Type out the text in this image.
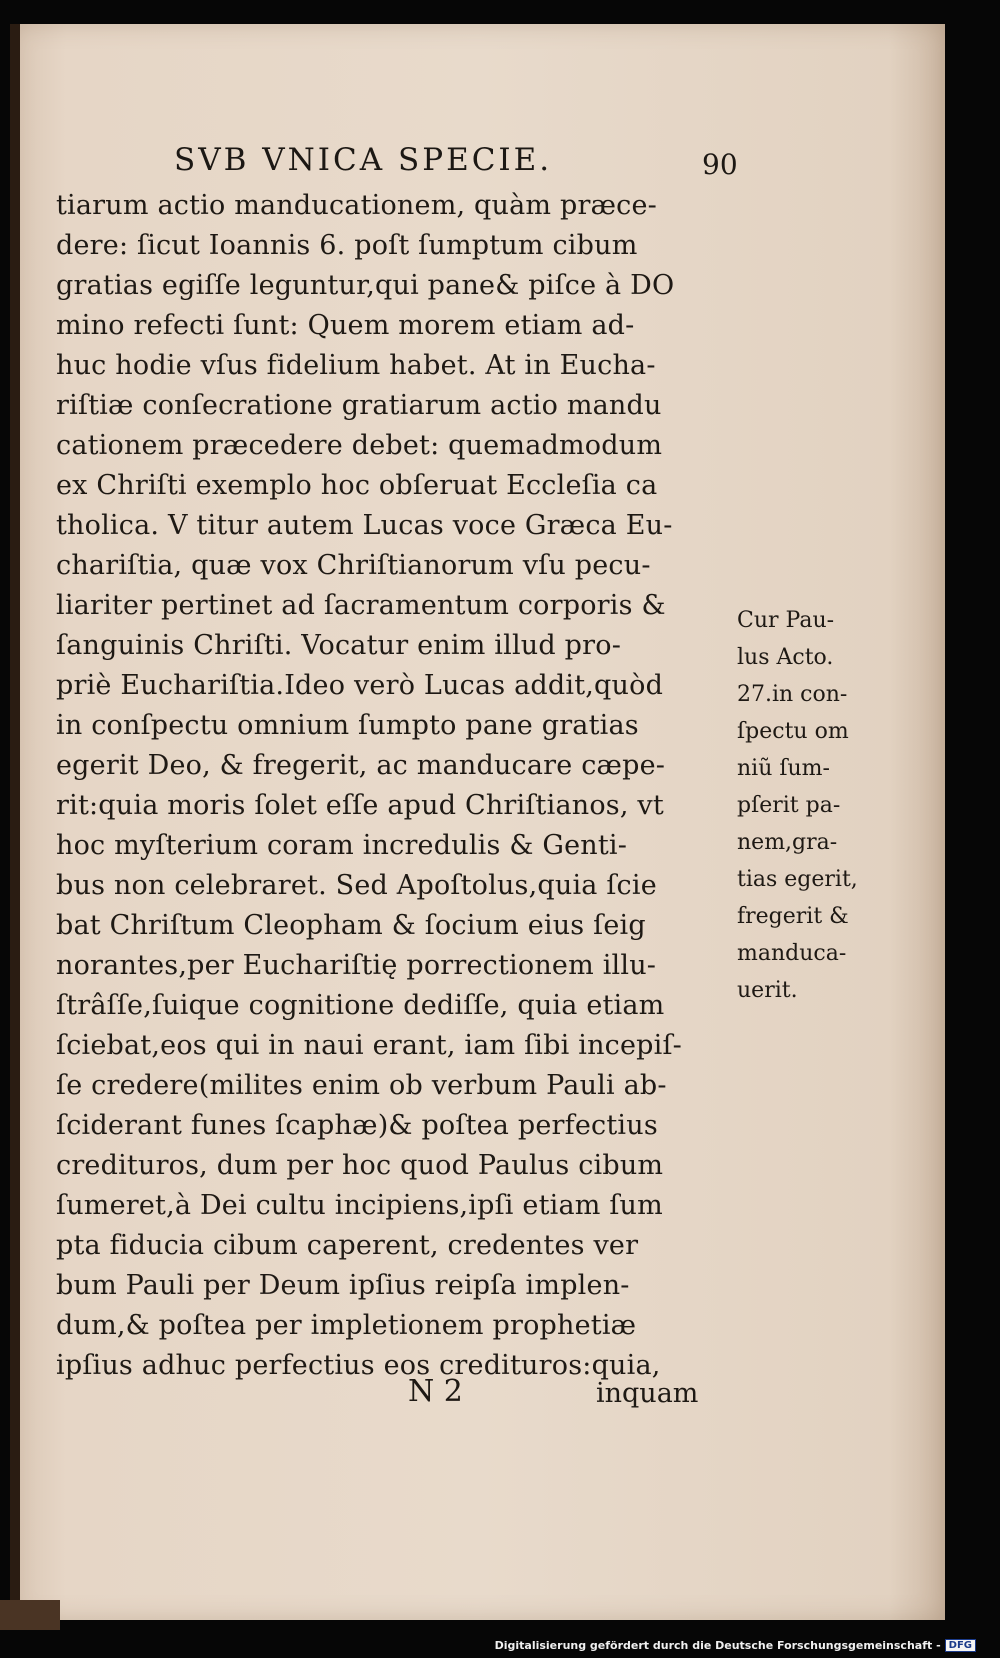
SVB VNICA SPECIE.	90
tiarum actio manducationem, quàm præce-
dere: ſicut Ioannis 6. poſt ſumptum cibum
gratias egiſſe leguntur,qui pane& piſce à DO
mino refecti ſunt: Quem morem etiam ad-
huc hodie vſus fidelium habet. At in Eucha-
riſtiæ conſecratione gratiarum actio mandu
cationem præcedere debet: quemadmodum
ex Chriſti exemplo hoc obſeruat Eccleſia ca
tholica. V titur autem Lucas voce Græca Eu-
chariſtia, quæ vox Chriſtianorum vſu pecu-
liariter pertinet ad ſacramentum corporis &
ſanguinis Chriſti. Vocatur enim illud pro-
priè Euchariſtia.Ideo verò Lucas addit,quòd
in conſpectu omnium ſumpto pane gratias
egerit Deo, & fregerit, ac manducare cæpe-
rit:quia moris ſolet eſſe apud Chriſtianos, vt
hoc myſterium coram incredulis & Genti-
bus non celebraret. Sed Apoſtolus,quia ſcie
bat Chriſtum Cleopham & ſocium eius ſeig
norantes,per Euchariſtię porrectionem illu-
ſtrâſſe,ſuique cognitione dediſſe, quia etiam
ſciebat,eos qui in naui erant, iam ſibi incepiſ-
ſe credere(milites enim ob verbum Pauli ab-
ſciderant funes ſcaphæ)& poſtea perfectius
credituros, dum per hoc quod Paulus cibum
ſumeret,à Dei cultu incipiens,ipſi etiam ſum
pta fiducia cibum caperent, credentes ver
bum Pauli per Deum ipſius reipſa implen-
dum,& poſtea per impletionem prophetiæ
ipſius adhuc perfectius eos credituros:quia,
Cur Pau-
lus Acto.
27.in con-
ſpectu om
niũ ſum-
pſerit pa-
nem,gra-
tias egerit,
fregerit &
manduca-
uerit.
N 2	inquam
Digitalisierung gefördert durch die Deutsche Forschungsgemeinschaft - DFG
